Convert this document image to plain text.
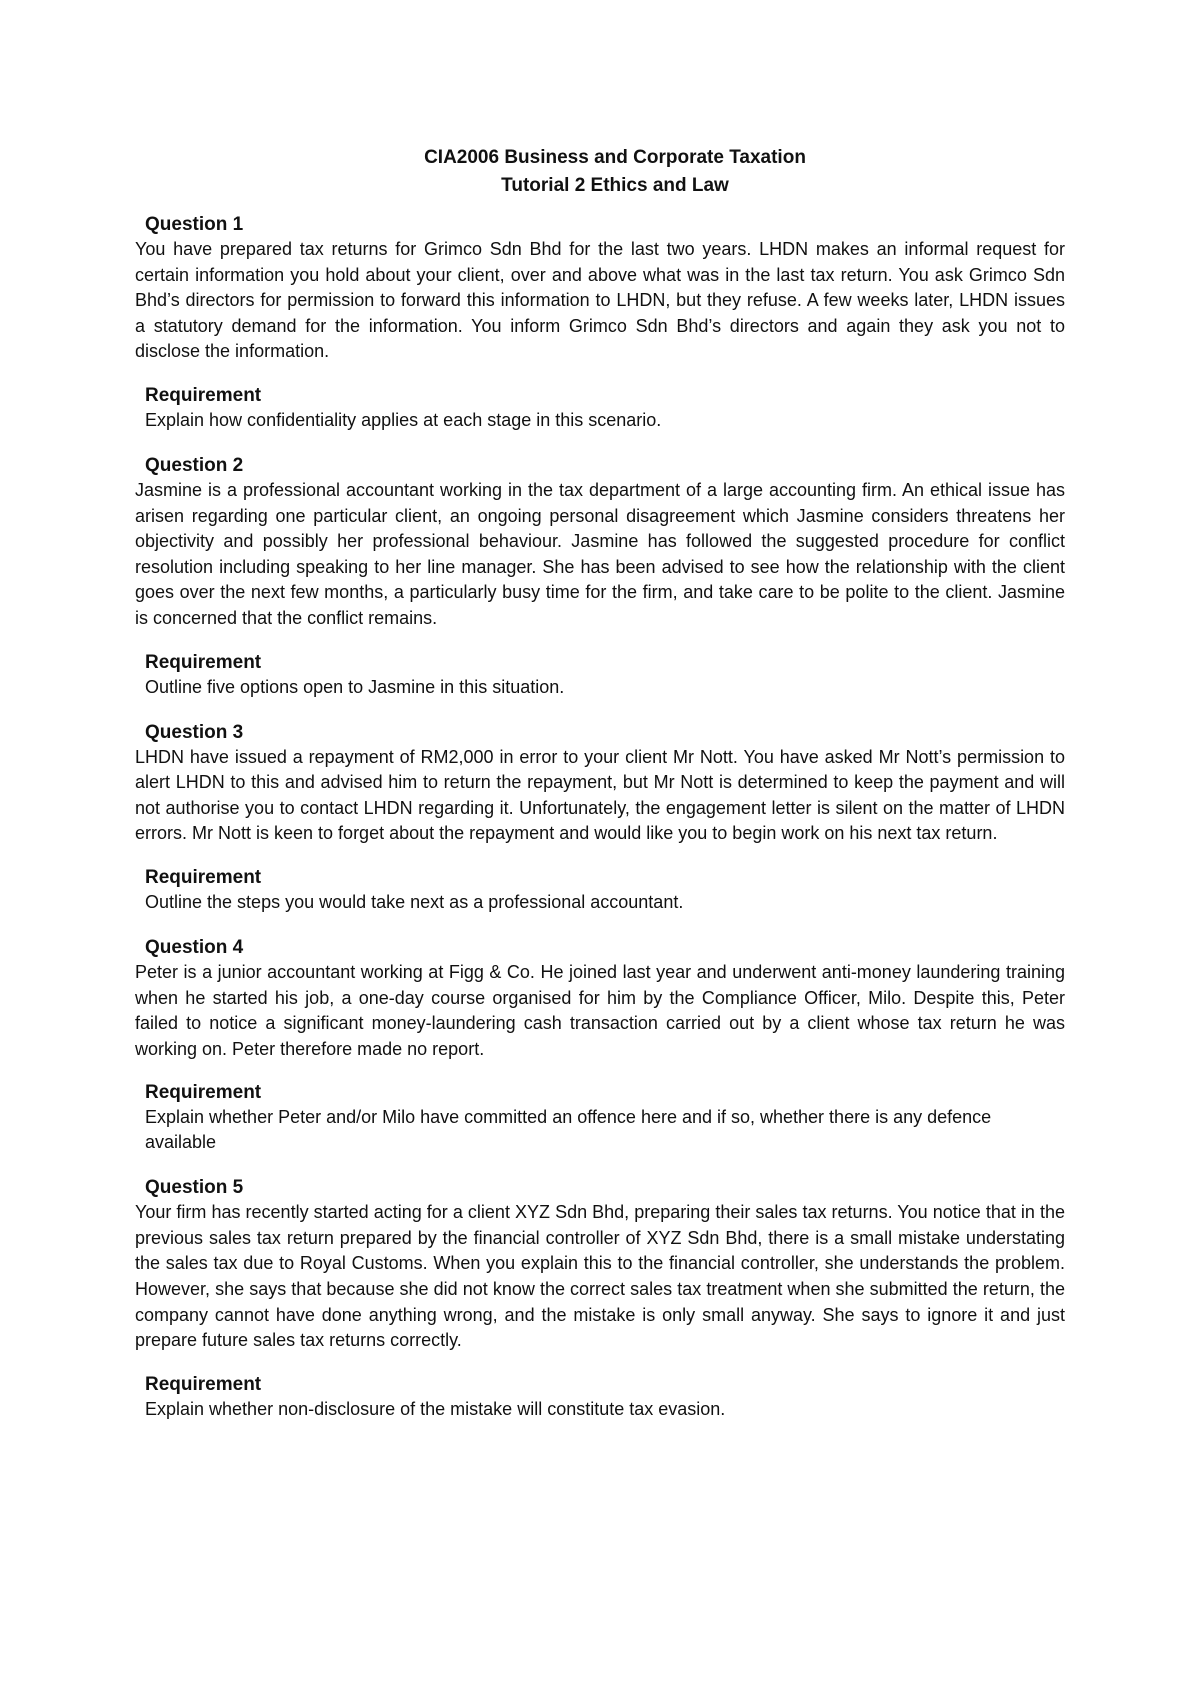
CIA2006 Business and Corporate Taxation
Tutorial 2 Ethics and Law
Question 1

You have prepared tax returns for Grimco Sdn Bhd for the last two years. LHDN makes an informal request for certain information you hold about your client, over and above what was in the last tax return. You ask Grimco Sdn Bhd’s directors for permission to forward this information to LHDN, but they refuse. A few weeks later, LHDN issues a statutory demand for the information. You inform Grimco Sdn Bhd’s directors and again they ask you not to disclose the information.

Requirement

Explain how confidentiality applies at each stage in this scenario.

Question 2

Jasmine is a professional accountant working in the tax department of a large accounting firm. An ethical issue has arisen regarding one particular client, an ongoing personal disagreement which Jasmine considers threatens her objectivity and possibly her professional behaviour. Jasmine has followed the suggested procedure for conflict resolution including speaking to her line manager. She has been advised to see how the relationship with the client goes over the next few months, a particularly busy time for the firm, and take care to be polite to the client. Jasmine is concerned that the conflict remains.

Requirement

Outline five options open to Jasmine in this situation.

Question 3

LHDN have issued a repayment of RM2,000 in error to your client Mr Nott. You have asked Mr Nott’s permission to alert LHDN to this and advised him to return the repayment, but Mr Nott is determined to keep the payment and will not authorise you to contact LHDN regarding it. Unfortunately, the engagement letter is silent on the matter of LHDN errors. Mr Nott is keen to forget about the repayment and would like you to begin work on his next tax return.

Requirement

Outline the steps you would take next as a professional accountant.

Question 4

Peter is a junior accountant working at Figg & Co. He joined last year and underwent anti-money laundering training when he started his job, a one-day course organised for him by the Compliance Officer, Milo. Despite this, Peter failed to notice a significant money-laundering cash transaction carried out by a client whose tax return he was working on. Peter therefore made no report.

Requirement

Explain whether Peter and/or Milo have committed an offence here and if so, whether there is any defence available

Question 5

Your firm has recently started acting for a client XYZ Sdn Bhd, preparing their sales tax returns. You notice that in the previous sales tax return prepared by the financial controller of XYZ Sdn Bhd, there is a small mistake understating the sales tax due to Royal Customs. When you explain this to the financial controller, she understands the problem. However, she says that because she did not know the correct sales tax treatment when she submitted the return, the company cannot have done anything wrong, and the mistake is only small anyway. She says to ignore it and just prepare future sales tax returns correctly.

Requirement

Explain whether non-disclosure of the mistake will constitute tax evasion.
